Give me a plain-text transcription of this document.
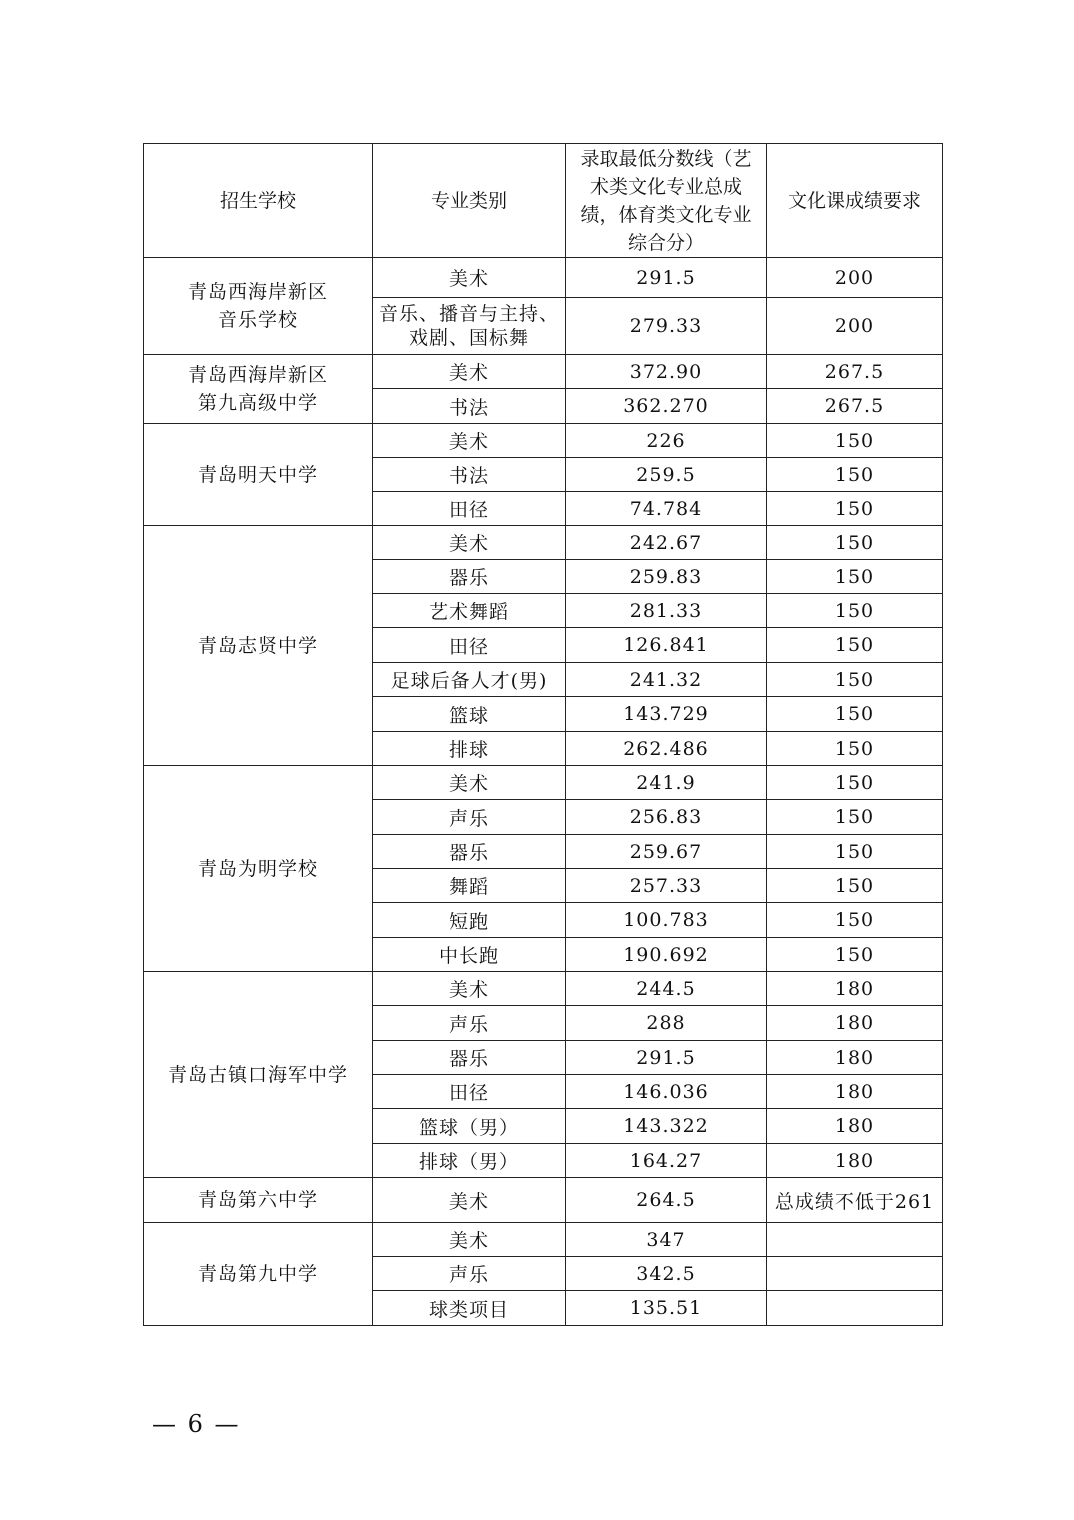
招生学校	专业类别	录取最低分数线（艺术类文化专业总成绩，体育类文化专业综合分）	文化课成绩要求
青岛西海岸新区音乐学校	美术	291.5	200
	音乐、播音与主持、戏剧、国标舞	279.33	200
青岛西海岸新区第九高级中学	美术	372.90	267.5
	书法	362.270	267.5
青岛明天中学	美术	226	150
	书法	259.5	150
	田径	74.784	150
青岛志贤中学	美术	242.67	150
	器乐	259.83	150
	艺术舞蹈	281.33	150
	田径	126.841	150
	足球后备人才(男)	241.32	150
	篮球	143.729	150
	排球	262.486	150
青岛为明学校	美术	241.9	150
	声乐	256.83	150
	器乐	259.67	150
	舞蹈	257.33	150
	短跑	100.783	150
	中长跑	190.692	150
青岛古镇口海军中学	美术	244.5	180
	声乐	288	180
	器乐	291.5	180
	田径	146.036	180
	篮球（男）	143.322	180
	排球（男）	164.27	180
青岛第六中学	美术	264.5	总成绩不低于261
青岛第九中学	美术	347	
	声乐	342.5	
	球类项目	135.51	
— 6 —
